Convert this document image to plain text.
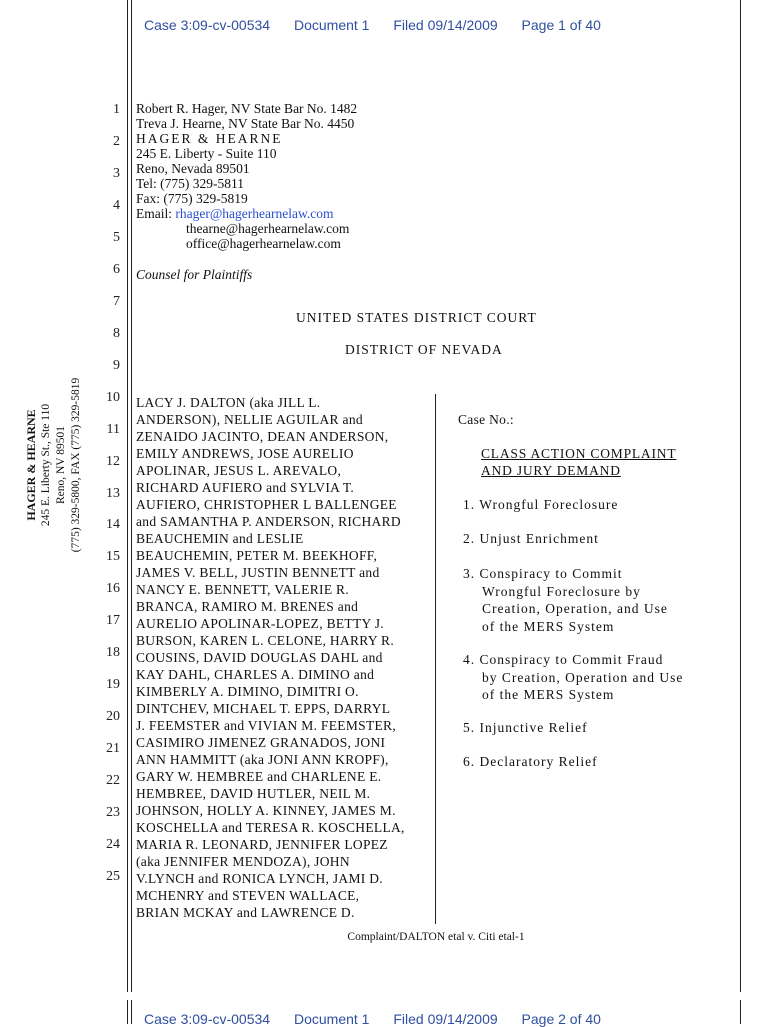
Case 3:09-cv-00534 Document 1 Filed 09/14/2009 Page 1 of 40
1
2
3
4
5
6
7
8
9
10
11
12
13
14
15
16
17
18
19
20
21
22
23
24
25
HAGER & HEARNE 245 E. Liberty St., Ste 110 Reno, NV 89501 (775) 329-5800, FAX (775) 329-5819
Robert R. Hager, NV State Bar No. 1482
Treva J. Hearne, NV State Bar No. 4450
HAGER & HEARNE
245 E. Liberty - Suite 110
Reno, Nevada 89501
Tel: (775) 329-5811
Fax: (775) 329-5819
Email: rhager@hagerhearnelaw.com
thearne@hagerhearnelaw.com
office@hagerhearnelaw.com
Counsel for Plaintiffs
UNITED STATES DISTRICT COURT
DISTRICT OF NEVADA
LACY J. DALTON (aka JILL L.
ANDERSON), NELLIE AGUILAR and
ZENAIDO JACINTO, DEAN ANDERSON,
EMILY ANDREWS, JOSE AURELIO
APOLINAR, JESUS L. AREVALO,
RICHARD AUFIERO and SYLVIA T.
AUFIERO, CHRISTOPHER L BALLENGEE
and SAMANTHA P. ANDERSON, RICHARD
BEAUCHEMIN and LESLIE
BEAUCHEMIN, PETER M. BEEKHOFF,
JAMES V. BELL, JUSTIN BENNETT and
NANCY E. BENNETT, VALERIE R.
BRANCA, RAMIRO M. BRENES and
AURELIO APOLINAR-LOPEZ, BETTY J.
BURSON, KAREN L. CELONE, HARRY R.
COUSINS, DAVID DOUGLAS DAHL and
KAY DAHL, CHARLES A. DIMINO and
KIMBERLY A. DIMINO, DIMITRI O.
DINTCHEV, MICHAEL T. EPPS, DARRYL
J. FEEMSTER and VIVIAN M. FEEMSTER,
CASIMIRO JIMENEZ GRANADOS, JONI
ANN HAMMITT (aka JONI ANN KROPF),
GARY W. HEMBREE and CHARLENE E.
HEMBREE, DAVID HUTLER, NEIL M.
JOHNSON, HOLLY A. KINNEY, JAMES M.
KOSCHELLA and TERESA R. KOSCHELLA,
MARIA R. LEONARD, JENNIFER LOPEZ
(aka JENNIFER MENDOZA), JOHN
V.LYNCH and RONICA LYNCH, JAMI D.
MCHENRY and STEVEN WALLACE,
BRIAN MCKAY and LAWRENCE D.
Case No.:
CLASS ACTION COMPLAINT
AND JURY DEMAND
1. Wrongful Foreclosure
2. Unjust Enrichment
3. Conspiracy to Commit
Wrongful Foreclosure by
Creation, Operation, and Use
of the MERS System
4. Conspiracy to Commit Fraud
by Creation, Operation and Use
of the MERS System
5. Injunctive Relief
6. Declaratory Relief
Complaint/DALTON etal v. Citi etal-1
Case 3:09-cv-00534 Document 1 Filed 09/14/2009 Page 2 of 40
